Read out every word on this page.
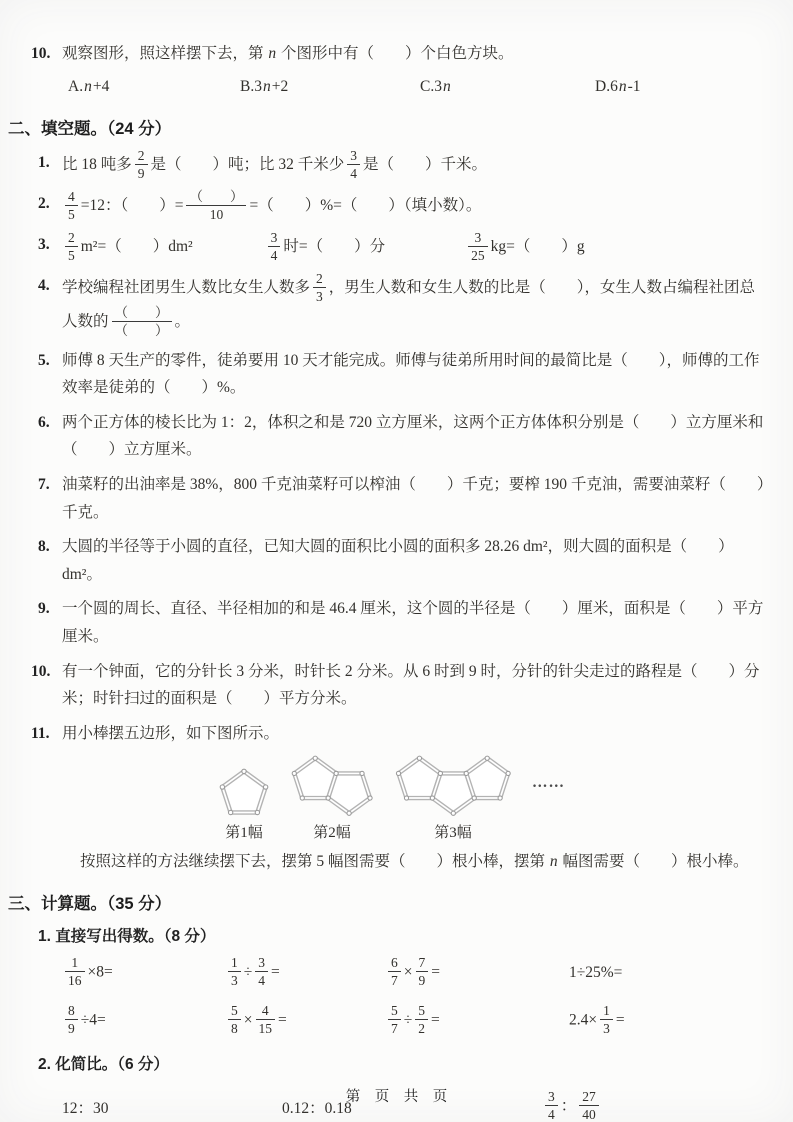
10. 观察图形，照这样摆下去，第 n 个图形中有（　　）个白色方块。
A.n+4	B.3n+2	C.3n	D.6n-1
二、填空题。（24 分）
1. 比 18 吨多 $\frac{2}{9}$ 是（　　）吨；比 32 千米少 $\frac{3}{4}$ 是（　　）千米。
2. $\frac{4}{5} =12$：（　　）= $\frac{( )}{10}$ =（　　）%=（　　）（填小数）。
3. $\frac{2}{5} m^2=$（　　）dm²	$\frac{3}{4}$ 时=（　　）分	$\frac{3}{25} kg=$（　　）g
4. 学校编程社团男生人数比女生人数多 $\frac{2}{3}$ ，男生人数和女生人数的比是（　　），女生人数占编程社团总人数的 $\frac{( )}{( )}$ 。
5. 师傅 8 天生产的零件，徒弟要用 10 天才能完成。师傅与徒弟所用时间的最简比是（　　），师傅的工作效率是徒弟的（　　）%。
6. 两个正方体的棱长比为 1：2，体积之和是 720 立方厘米，这两个正方体体积分别是（　　）立方厘米和（　　）立方厘米。
7. 油菜籽的出油率是 38%，800 千克油菜籽可以榨油（　　）千克；要榨 190 千克油，需要油菜籽（　　）千克。
8. 大圆的半径等于小圆的直径，已知大圆的面积比小圆的面积多 28.26 dm²，则大圆的面积是（　　）dm²。
9. 一个圆的周长、直径、半径相加的和是 46.4 厘米，这个圆的半径是（　　）厘米，面积是（　　）平方厘米。
10. 有一个钟面，它的分针长 3 分米，时针长 2 分米。从 6 时到 9 时，分针的针尖走过的路程是（　　）分米；时针扫过的面积是（　　）平方分米。
11. 用小棒摆五边形，如下图所示。
第1幅	第2幅	第3幅
……
按照这样的方法继续摆下去，摆第 5 幅图需要（　　）根小棒，摆第 n 幅图需要（　　）根小棒。
三、计算题。（35 分）
1. 直接写出得数。（8 分）
$\frac{1}{16} \times 8=$	$\frac{1}{3} \div \frac{3}{4}$ =	$\frac{6}{7} \times \frac{7}{9}$ =	1÷25%=
$\frac{8}{9} \div 4=$	$\frac{5}{8} \times \frac{4}{15}$ =	$\frac{5}{7} \div \frac{5}{2}$ =	$2.4\times \frac{1}{3}$ =
2. 化简比。（6 分）
12：30	0.12：0.18	$\frac{3}{4}$ ： $\frac{27}{40}$
第　页　共　页
